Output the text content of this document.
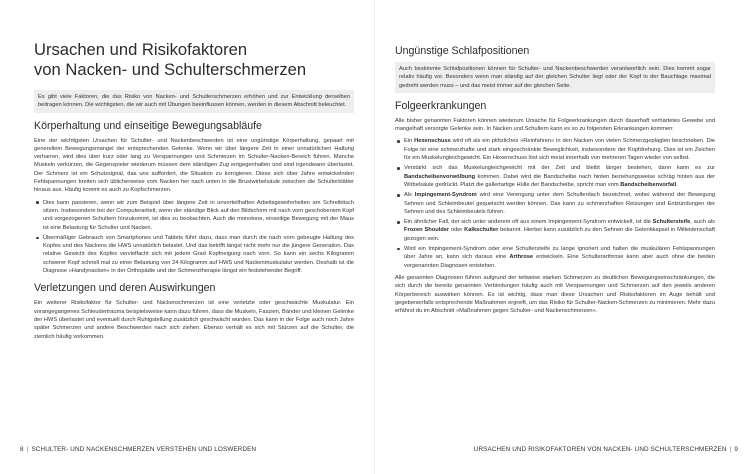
Ursachen und Risikofaktoren
von Nacken- und Schulterschmerzen

Es gibt viele Faktoren, die das Risiko von Nacken- und Schulterschmerzen erhöhen und zur Entwicklung derselben beitragen können. Die wichtigsten, die wir auch mit Übungen beeinflussen können, werden in diesem Abschnitt beleuchtet.

Körperhaltung und einseitige Bewegungsabläufe

Eine der wichtigsten Ursachen für Schulter- und Nackenbeschwerden ist eine ungünstige Körperhaltung, gepaart mit generellem Bewegungsmangel der entsprechenden Gelenke. Wenn wir über längere Zeit in einer unnatürlichen Haltung verharren, wird dies über kurz oder lang zu Verspannungen und Schmerzen im Schulter-Nacken-Bereich führen. Manche Muskeln verkürzen, die Gegenspieler wiederum müssen dem ständigen Zug entgegenhalten und sind irgendwann überlastet. Der Schmerz ist ein Schutzsignal, das uns auffordert, die Situation zu korrigieren. Diese sich über Jahre entwickelnden Fehlspannungen breiten sich üblicherweise vom Nacken her nach unten in die Brustwirbelsäule zwischen die Schulterblätter hinaus aus. Häufig kommt es auch zu Kopfschmerzen.

Dies kann passieren, wenn wir zum Beispiel über längere Zeit in unvorteilhaften Arbeitsgewohnheiten am Schreibtisch sitzen. Insbesondere bei der Computerarbeit, wenn der ständige Blick auf den Bildschirm mit nach vorn geschobenem Kopf und vorgezogenen Schultern hinzukommt, ist dies zu beobachten. Auch die monotone, einseitige Bewegung mit der Maus ist eine Belastung für Schulter und Nacken.
Übermäßiger Gebrauch von Smartphones und Tablets führt dazu, dass man durch die nach vorn gebeugte Haltung des Kopfes und des Nackens die HWS unnatürlich belastet. Und das betrifft längst nicht mehr nur die jüngere Generation. Das relative Gewicht des Kopfes vervielfacht sich mit jedem Grad Kopfneigung nach vorn. So kann ein sechs Kilogramm schwerer Kopf schnell mal zu einer Belastung von 24 Kilogramm auf HWS und Nackenmuskulatur werden. Deshalb ist die Diagnose »Handynacken« in der Orthopädie und der Schmerztherapie längst ein feststehender Begriff.
Verletzungen und deren Auswirkungen

Ein weiterer Risikofaktor für Schulter- und Nackenschmerzen ist eine verletzte oder geschwächte Muskulatur. Ein vorangegangenes Schleudertrauma beispielsweise kann dazu führen, dass die Muskeln, Faszien, Bänder und kleinen Gelenke der HWS überlastet und eventuell durch Ruhigstellung zusätzlich geschwächt wurden. Das kann in der Folge auch noch Jahre später Schmerzen und andere Beschwerden nach sich ziehen. Ebenso verhält es sich mit Stürzen auf die Schulter, die ziemlich häufig vorkommen.

8 | SCHULTER- UND NACKENSCHMERZEN VERSTEHEN UND LOSWERDEN
Ungünstige Schlafpositionen

Auch bestimmte Schlafpositionen können für Schulter- und Nackenbeschwerden verantwortlich sein. Dies kommt sogar relativ häufig vor. Besonders wenn man ständig auf der gleichen Schulter liegt oder der Kopf in der Bauchlage maximal gedreht werden muss – und das meist immer auf der gleichen Seite.

Folgeerkrankungen

Alle bisher genannten Faktoren können wiederum Ursache für Folgeerkrankungen durch dauerhaft verhärtetes Gewebe und mangelhaft versorgte Gelenke sein. In Nacken und Schultern kann es so zu folgenden Erkrankungen kommen:

Ein Hexenschuss wird oft als ein plötzliches »Reinfahren« in den Nacken von vielen Schmerzgeplagten beschrieben. Die Folge ist eine schmerzhafte und stark eingeschränkte Beweglichkeit, insbesondere der Kopfdrehung. Dies ist ein Zeichen für ein Muskelungleichgewicht. Ein Hexenschuss löst sich meist innerhalb von mehreren Tagen wieder von selbst.
Verstärkt sich das Muskelungleichgewicht mit der Zeit und bleibt länger bestehen, dann kann es zur Bandscheibenvorwölbung kommen. Dabei wird die Bandscheibe nach hinten beziehungsweise schräg hinten aus der Wirbelsäule gedrückt. Platzt die gallertartige Hülle der Bandscheibe, spricht man vom Bandscheibenvorfall.
Als Impingement-Syndrom wird eine Verengung unter dem Schulterdach bezeichnet, wobei während der Bewegung Sehnen und Schleimbeutel gequetscht werden können. Das kann zu schmerzhaften Reizungen und Entzündungen der Sehnen und des Schleimbeutels führen.
Ein ähnlicher Fall, der sich unter anderem oft aus einem Impingement-Syndrom entwickelt, ist die Schultersteife, auch als Frozen Shoulder oder Kalkschulter bekannt. Hierbei kann zusätzlich zu den Sehnen die Gelenkkapsel in Mitleidenschaft gezogen sein.
Wird ein Impingement-Syndrom oder eine Schultersteife zu lange ignoriert und halten die muskulären Fehlspannungen über Jahre an, kann sich daraus eine Arthrose entwickeln. Eine Schulterarthrose kann aber auch ohne die beiden vorgenannten Diagnosen entstehen.

Alle genannten Diagnosen führen aufgrund der teilweise starken Schmerzen zu deutlichen Bewegungseinschränkungen, die sich durch die bereits genannten Verbindungen häufig auch mit Verspannungen und Schmerzen auf den jeweils anderen Körperbereich auswirken können. Es ist wichtig, dass man diese Ursachen und Risikofaktoren im Auge behält und gegebenenfalls entsprechende Maßnahmen ergreift, um das Risiko für Schulter-Nacken-Schmerzen zu minimieren. Mehr dazu erfährst du im Abschnitt »Maßnahmen gegen Schulter- und Nackenschmerzen«.

URSACHEN UND RISIKOFAKTOREN VON NACKEN- UND SCHULTERSCHMERZEN | 9
